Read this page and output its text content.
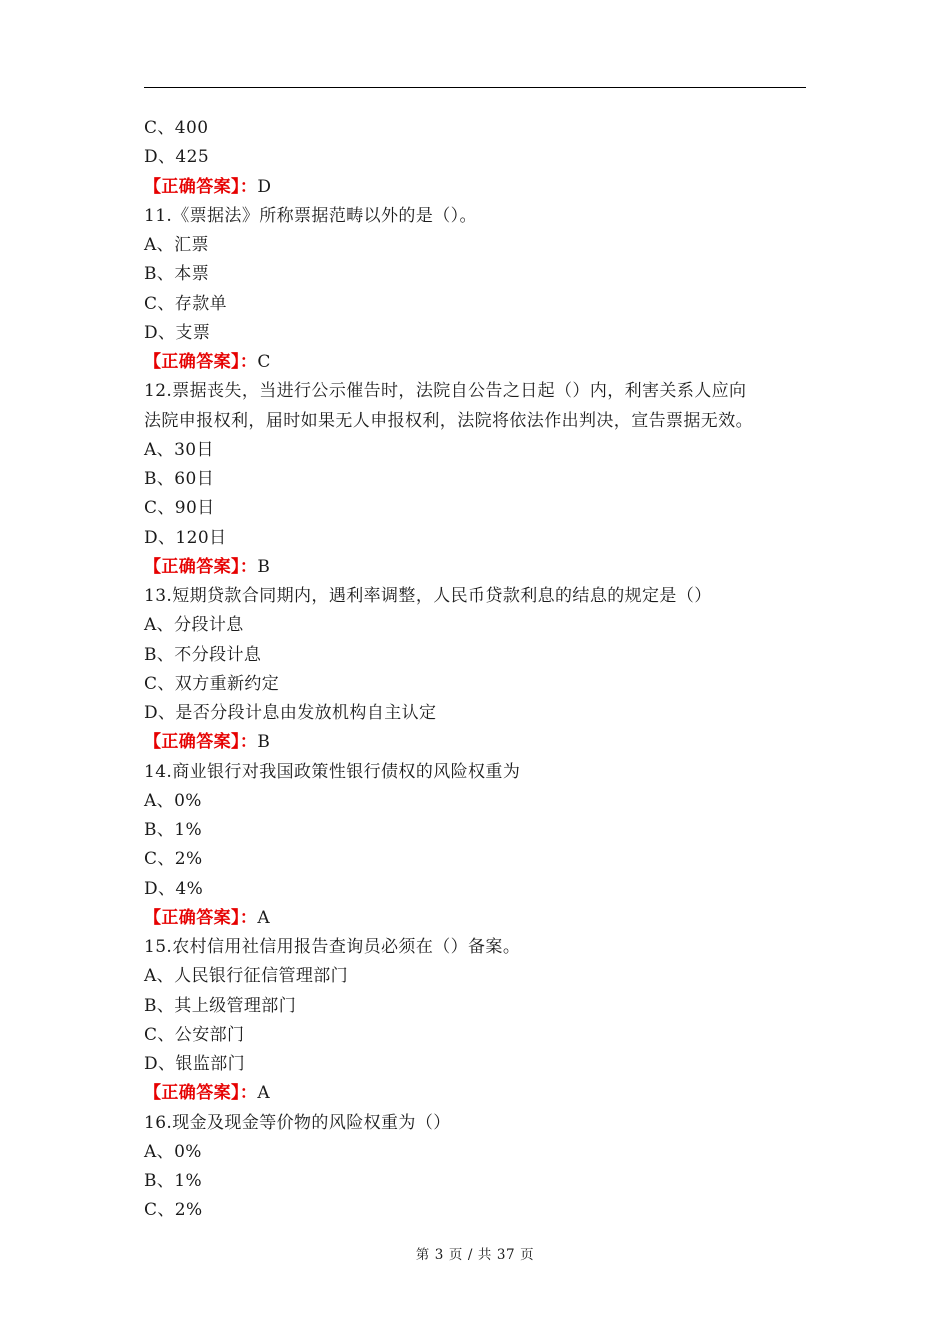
C、400
D、425
【正确答案】：D
11.《票据法》所称票据范畴以外的是（）。
A、汇票
B、本票
C、存款单
D、支票
【正确答案】：C
12.票据丧失，当进行公示催告时，法院自公告之日起（）内，利害关系人应向
法院申报权利，届时如果无人申报权利，法院将依法作出判决，宣告票据无效。
A、30日
B、60日
C、90日
D、120日
【正确答案】：B
13.短期贷款合同期内，遇利率调整，人民币贷款利息的结息的规定是（）
A、分段计息
B、不分段计息
C、双方重新约定
D、是否分段计息由发放机构自主认定
【正确答案】：B
14.商业银行对我国政策性银行债权的风险权重为
A、0%
B、1%
C、2%
D、4%
【正确答案】：A
15.农村信用社信用报告查询员必须在（）备案。
A、人民银行征信管理部门
B、其上级管理部门
C、公安部门
D、银监部门
【正确答案】：A
16.现金及现金等价物的风险权重为（）
A、0%
B、1%
C、2%
第 3 页 / 共 37 页
